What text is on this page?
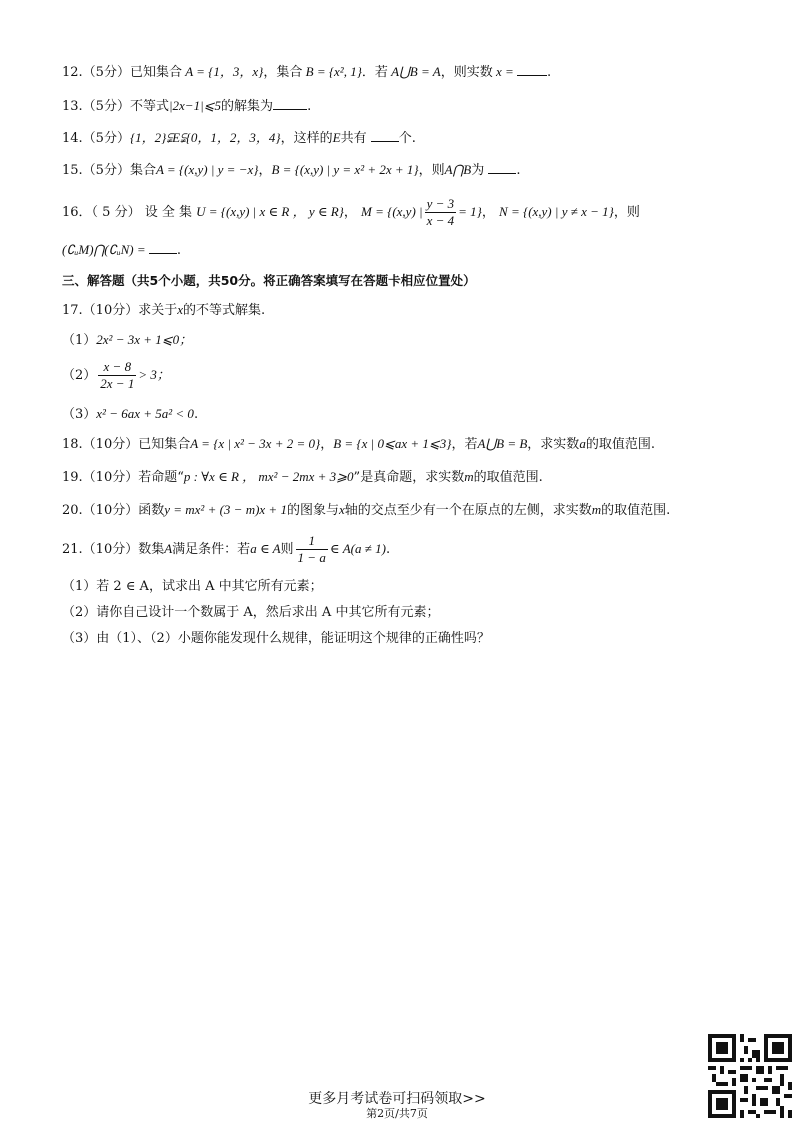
12.（5分）已知集合 A = {1，3，x}，集合 B = {x², 1}．若 A⋃B = A，则实数 x = .
13.（5分）不等式|2x−1|⩽5的解集为	.
14.（5分）{1，2}⫋E⫋{0，1，2，3，4}，这样的E共有 个.
15.（5分）集合A = {(x,y) | y = −x}，B = {(x,y) | y = x² + 2x + 1}，则A⋂B为 .
16．（ 5 分） 设 全 集 U = {(x,y) | x ∈ R ， y ∈ R}， M = {(x,y) | $\frac{y - 3}{x - 4} = 1$}， N = {(x,y) | y ≠ x − 1}，则
(∁ᵤM)⋂(∁ᵤN) = .
三、解答题（共5个小题，共50分。将正确答案填写在答题卡相应位置处）
17.（10分）求关于x的不等式解集.
（1）2x² − 3x + 1⩽0；
$(2) \frac{x - 8}{2x - 1} > 3$；
（3）x² − 6ax + 5a² < 0.
18.（10分）已知集合A = {x | x² − 3x + 2 = 0}，B = {x | 0⩽ax + 1⩽3}，若A⋃B = B，求实数a的取值范围.
19.（10分）若命题“p : ∀x ∈ R ， mx² − 2mx + 3⩾0”是真命题，求实数m的取值范围.
20.（10分）函数y = mx² + (3 − m)x + 1的图象与x轴的交点至少有一个在原点的左侧，求实数m的取值范围.
21.（10分）数集A满足条件：若a ∈ A则 $\frac{1}{1 - a}$ ∈ A(a ≠ 1).
（1）若 2 ∈ A，试求出 A 中其它所有元素；
（2）请你自己设计一个数属于 A，然后求出 A 中其它所有元素；
（3）由（1）、（2）小题你能发现什么规律，能证明这个规律的正确性吗？
更多月考试卷可扫码领取>>
第2页/共7页
